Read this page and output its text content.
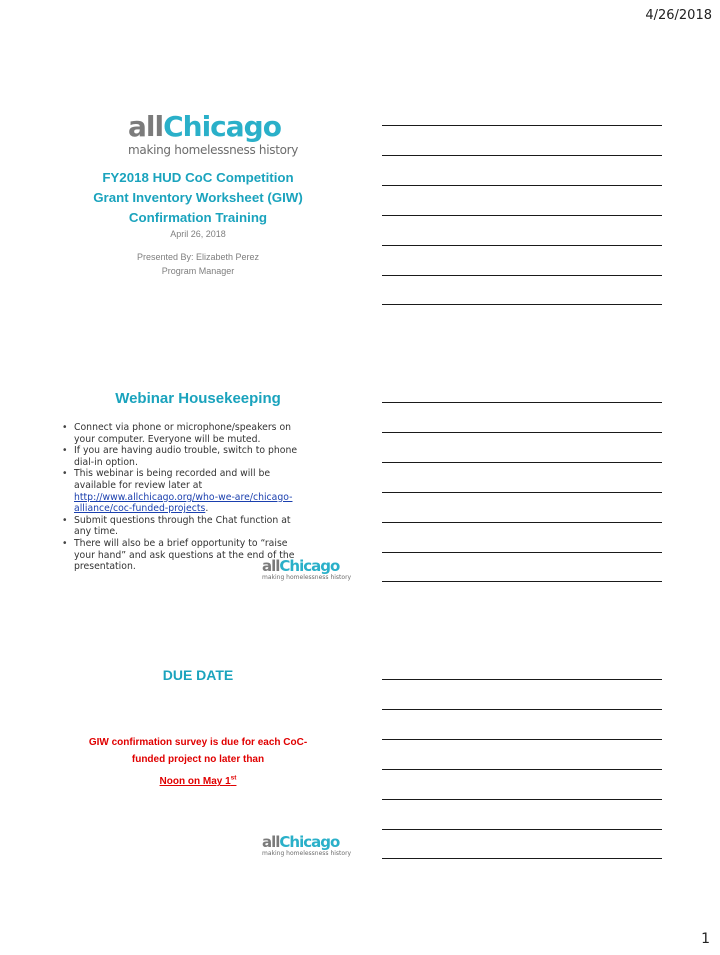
4/26/2018
allChicago
making homelessness history
FY2018 HUD CoC Competition
Grant Inventory Worksheet (GIW)
Confirmation Training
April 26, 2018
Presented By: Elizabeth Perez
Program Manager
Webinar Housekeeping
• Connect via phone or microphone/speakers on your computer. Everyone will be muted.
• If you are having audio trouble, switch to phone dial-in option.
• This webinar is being recorded and will be available for review later at http://www.allchicago.org/who-we-are/chicago-alliance/coc-funded-projects.
• Submit questions through the Chat function at any time.
• There will also be a brief opportunity to “raise your hand” and ask questions at the end of the presentation.	allChicago
making homelessness history
DUE DATE
GIW confirmation survey is due for each CoC-
funded project no later than
Noon on May 1st
allChicago
making homelessness history
1
